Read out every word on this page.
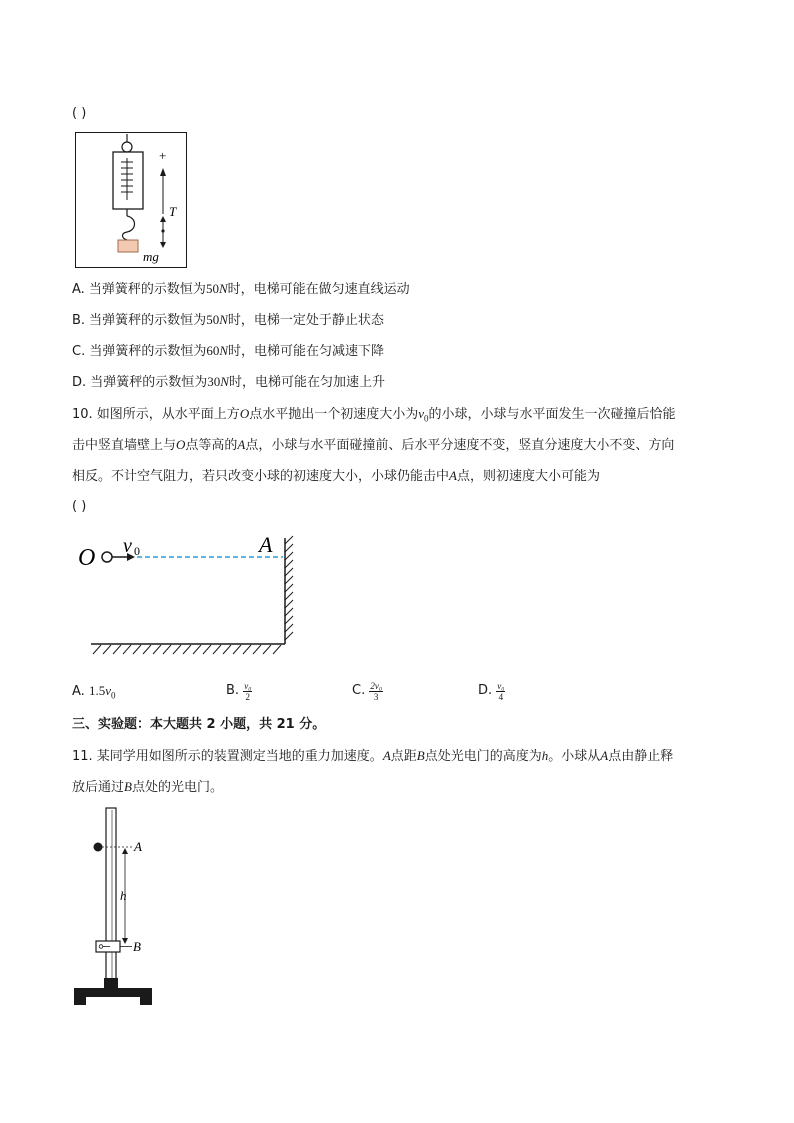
( )
+
T
mg
A. 当弹簧秤的示数恒为50N时，电梯可能在做匀速直线运动
B. 当弹簧秤的示数恒为50N时，电梯一定处于静止状态
C. 当弹簧秤的示数恒为60N时，电梯可能在匀减速下降
D. 当弹簧秤的示数恒为30N时，电梯可能在匀加速上升
10. 如图所示，从水平面上方O点水平抛出一个初速度大小为$v_0$的小球，小球与水平面发生一次碰撞后恰能
击中竖直墙壁上与O点等高的A点，小球与水平面碰撞前、后水平分速度不变，竖直分速度大小不变、方向
相反。不计空气阻力，若只改变小球的初速度大小，小球仍能击中A点，则初速度大小可能为
( )
O v 0	A
A. $1.5v_0$	B.
$\frac{\text{v₀}}{2}$	C.
$\frac{\text{2v₀}}{3}$	D.
$\frac{\text{v₀}}{4}$
三、实验题：本大题共 2 小题，共 21 分。
11. 某同学用如图所示的装置测定当地的重力加速度。A点距B点处光电门的高度为h。小球从A点由静止释
放后通过B点处的光电门。
A
h
B
